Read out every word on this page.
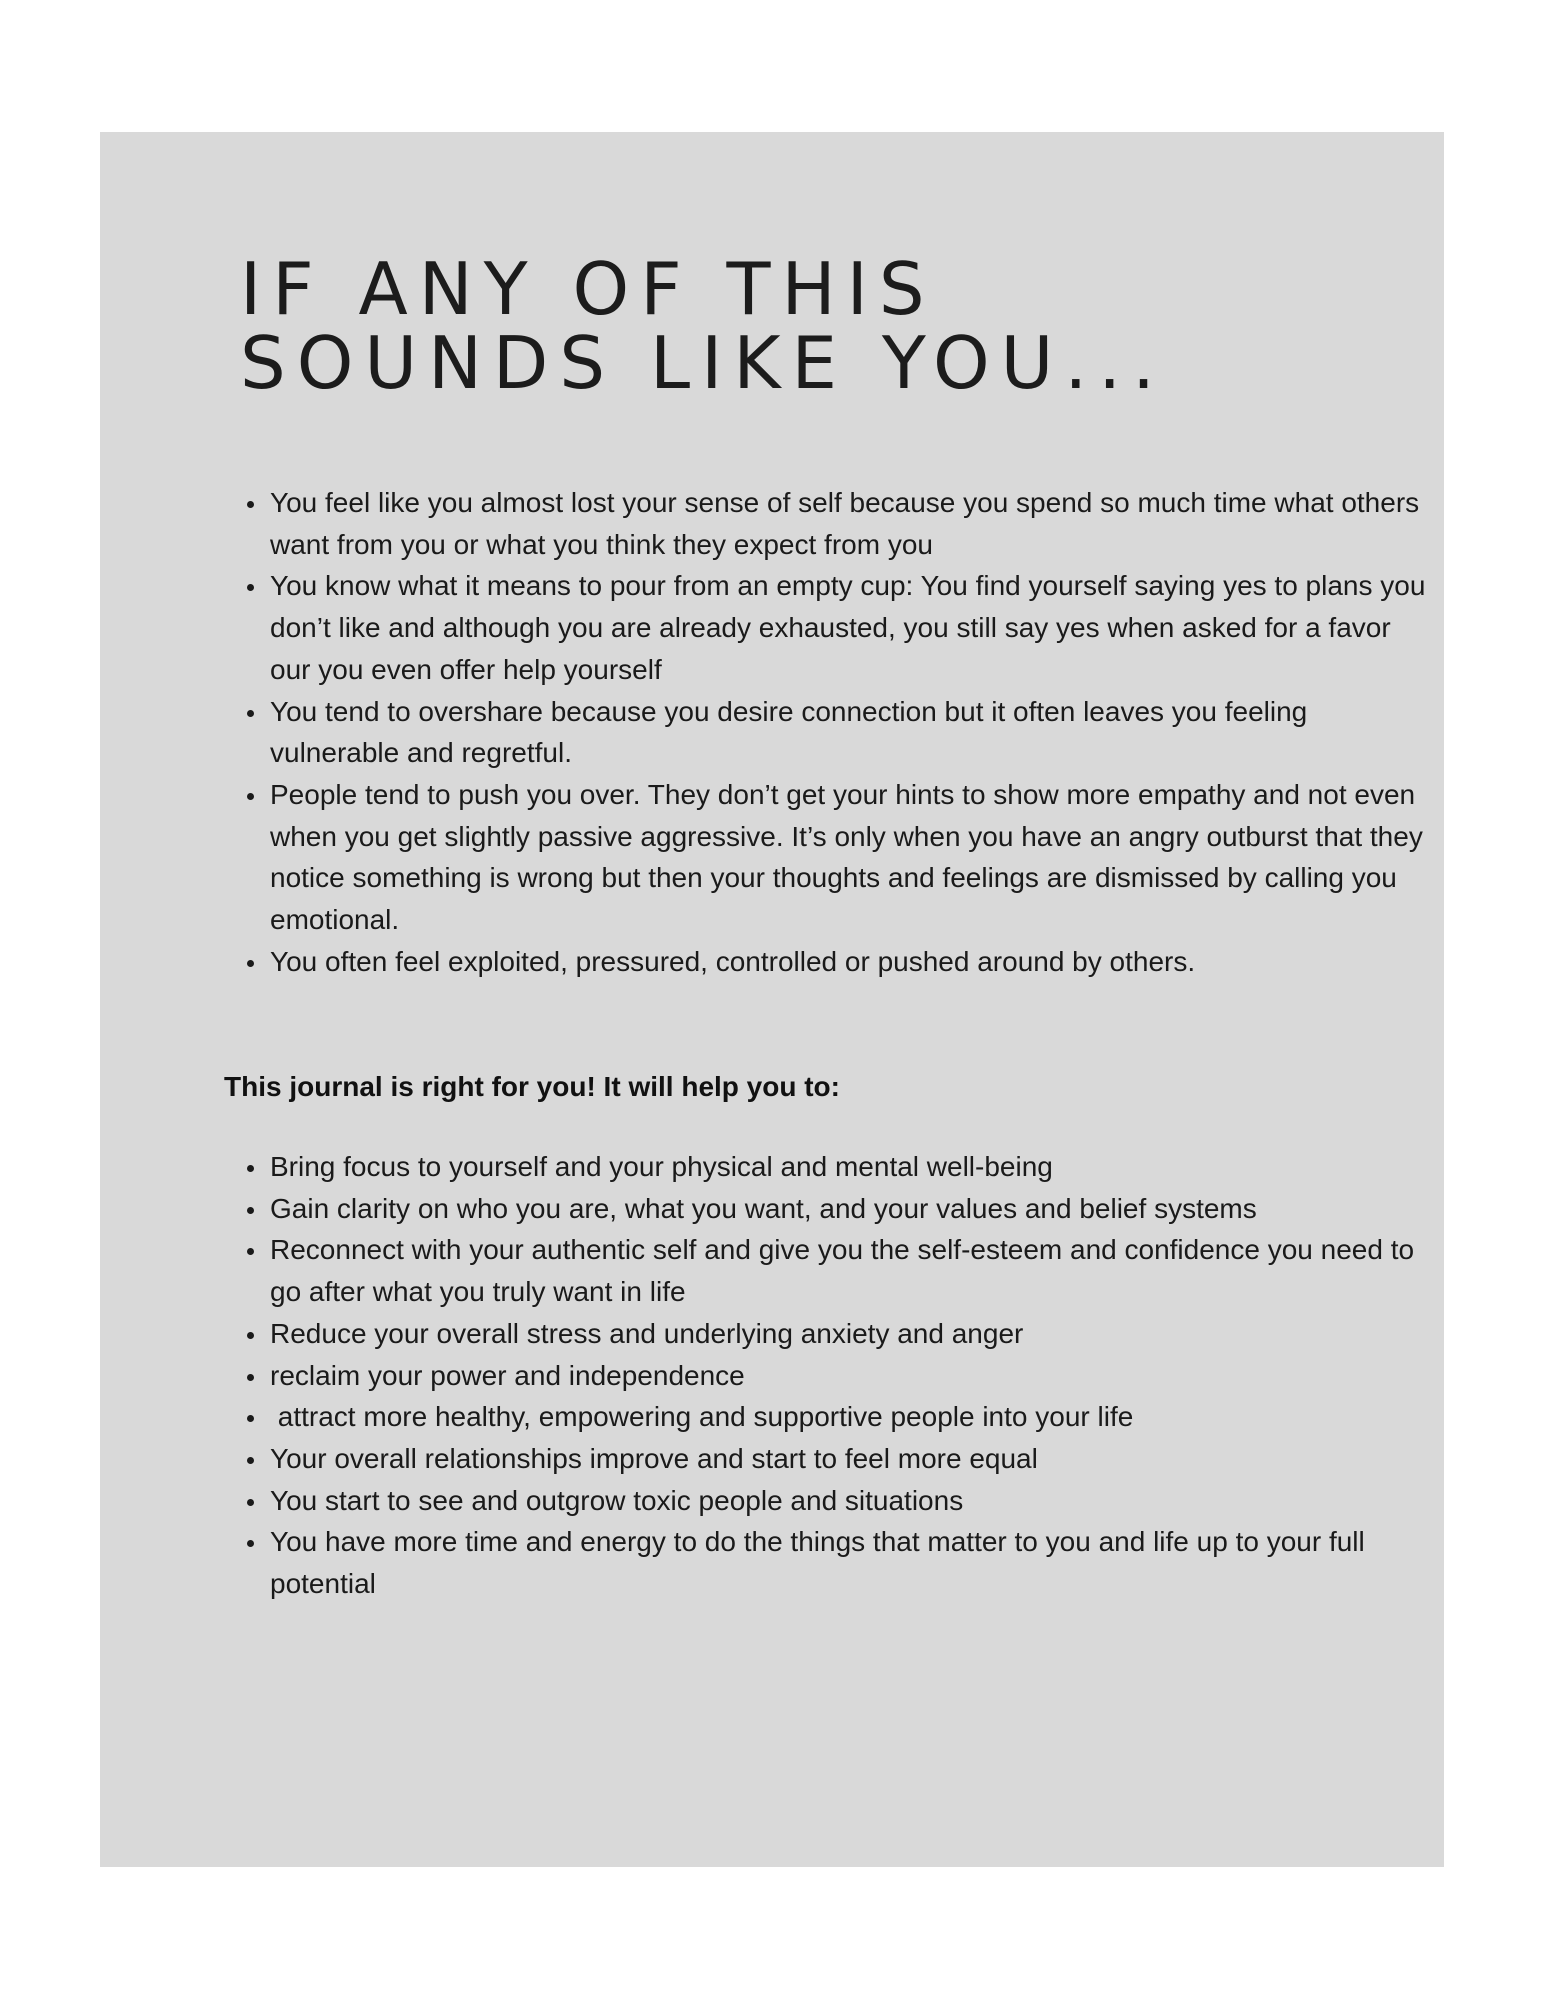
IF ANY OF THIS
SOUNDS LIKE YOU...
• You feel like you almost lost your sense of self because you spend so much time what others want from you or what you think they expect from you
• You know what it means to pour from an empty cup: You find yourself saying yes to plans you don’t like and although you are already exhausted, you still say yes when asked for a favor our you even offer help yourself
• You tend to overshare because you desire connection but it often leaves you feeling vulnerable and regretful.
• People tend to push you over. They don’t get your hints to show more empathy and not even when you get slightly passive aggressive. It’s only when you have an angry outburst that they notice something is wrong but then your thoughts and feelings are dismissed by calling you emotional.
• You often feel exploited, pressured, controlled or pushed around by others.

This journal is right for you! It will help you to:

• Bring focus to yourself and your physical and mental well-being
• Gain clarity on who you are, what you want, and your values and belief systems
• Reconnect with your authentic self and give you the self-esteem and confidence you need to go after what you truly want in life
• Reduce your overall stress and underlying anxiety and anger
• reclaim your power and independence
•  attract more healthy, empowering and supportive people into your life
• Your overall relationships improve and start to feel more equal
• You start to see and outgrow toxic people and situations
• You have more time and energy to do the things that matter to you and life up to your full potential
